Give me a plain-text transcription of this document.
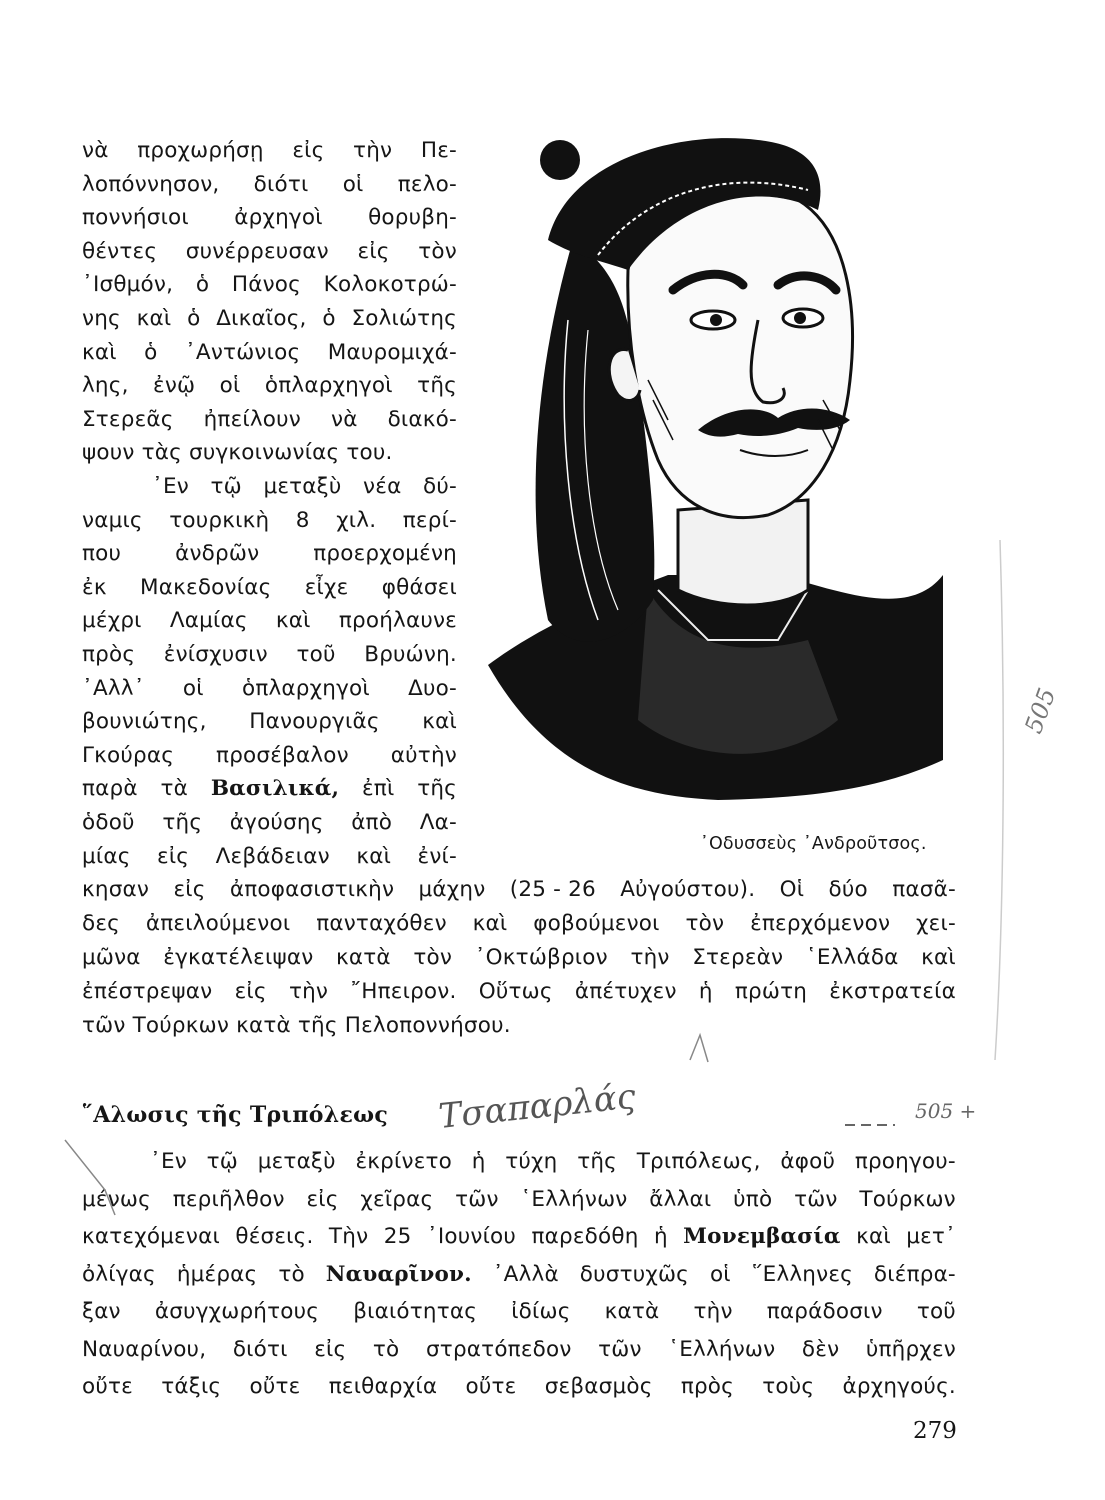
νὰ προχωρήσῃ εἰς τὴν Πε-
λοπόννησον, διότι οἱ πελο-
ποννήσιοι ἀρχηγοὶ θορυβη-
θέντες συνέρρευσαν εἰς τὸν
᾿Ισθμόν, ὁ Πάνος Κολοκοτρώ-
νης καὶ ὁ Δικαῖος, ὁ Σολιώτης
καὶ ὁ ᾿Αντώνιος Μαυρομιχά-
λης, ἐνῷ οἱ ὁπλαρχηγοὶ τῆς
Στερεᾶς ἠπείλουν νὰ διακό-
ψουν τὰς συγκοινωνίας του.
᾿Εν τῷ μεταξὺ νέα δύ-
ναμις τουρκικὴ 8 χιλ. περί-
που	ἀνδρῶν	προερχομένη
ἐκ Μακεδονίας εἶχε φθάσει
μέχρι Λαμίας καὶ προήλαυνε
πρὸς ἐνίσχυσιν τοῦ Βρυώνη.
᾿Αλλ᾿ οἱ ὁπλαρχηγοὶ Δυο-
βουνιώτης, Πανουργιᾶς καὶ
Γκούρας προσέβαλον αὐτὴν
παρὰ τὰ Βασιλικά, ἐπὶ τῆς
ὁδοῦ τῆς ἀγούσης ἀπὸ Λα-
μίας εἰς Λεβάδειαν καὶ ἐνί-	᾿Οδυσσεὺς ᾿Ανδροῦτσος.
κησαν εἰς ἀποφασιστικὴν μάχην (25 - 26 Αὐγούστου). Οἱ δύο πασᾶ-
δες ἀπειλούμενοι πανταχόθεν καὶ φοβούμενοι τὸν ἐπερχόμενον χει-
μῶνα ἐγκατέλειψαν κατὰ τὸν ᾿Οκτώβριον τὴν Στερεὰν ῾Ελλάδα καὶ
ἐπέστρεψαν εἰς τὴν ῎Ηπειρον. Οὕτως ἀπέτυχεν ἡ πρώτη ἐκστρατεία
τῶν Τούρκων κατὰ τῆς Πελοποννήσου.
῞Αλωσις τῆς Τριπόλεως
᾿Εν τῷ μεταξὺ ἐκρίνετο ἡ τύχη τῆς Τριπόλεως, ἀφοῦ προηγου-
μένως περιῆλθον εἰς χεῖρας τῶν ῾Ελλήνων ἄλλαι ὑπὸ τῶν Τούρκων
κατεχόμεναι θέσεις. Τὴν 25 ᾿Ιουνίου παρεδόθη ἡ Μονεμβασία καὶ μετ᾿
ὀλίγας ἡμέρας τὸ Ναυαρῖνον. ᾿Αλλὰ δυστυχῶς οἱ ῞Ελληνες διέπρα-
ξαν ἀσυγχωρήτους βιαιότητας ἰδίως κατὰ τὴν παράδοσιν τοῦ
Ναυαρίνου, διότι εἰς τὸ στρατόπεδον τῶν ῾Ελλήνων δὲν ὑπῆρχεν
οὔτε τάξις οὔτε πειθαρχία οὔτε σεβασμὸς πρὸς τοὺς ἀρχηγούς.
279
Τσαπαρλάς
505
505 +
